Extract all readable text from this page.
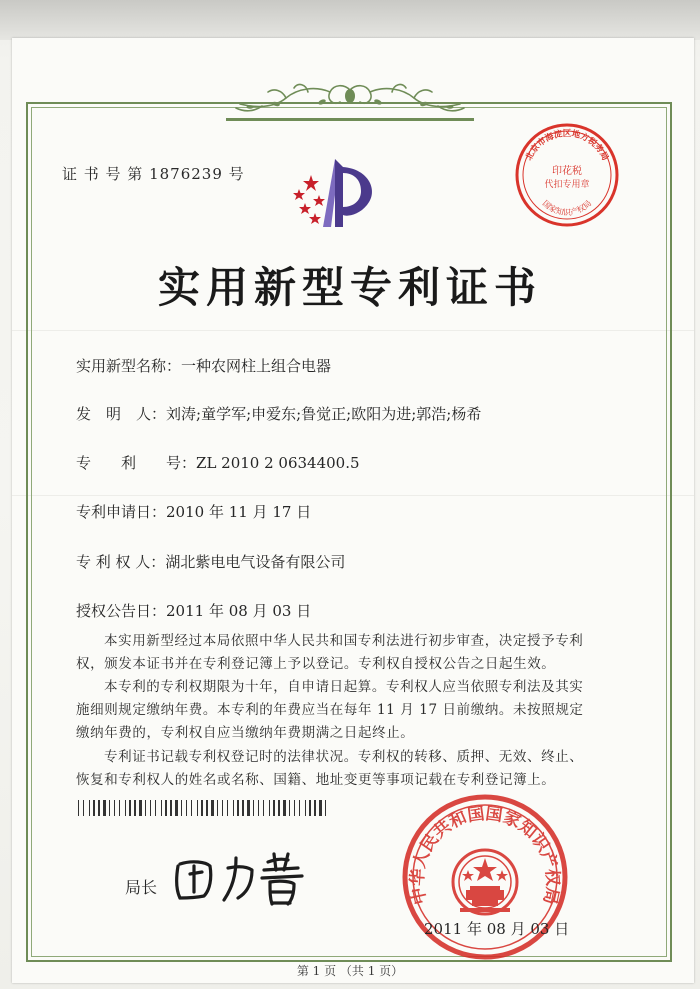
证 书 号 第 1876239 号
北京市海淀区地方税务局
印花税
代扣专用章
国家知识产权局
实用新型专利证书
实用新型名称：一种农网柱上组合电器
发　明　人：刘涛;童学军;申爱东;鲁觉正;欧阳为进;郭浩;杨希
专　　利　　号：ZL 2010 2 0634400.5
专利申请日：2010 年 11 月 17 日
专 利 权 人：湖北紫电电气设备有限公司
授权公告日：2011 年 08 月 03 日
本实用新型经过本局依照中华人民共和国专利法进行初步审查，决定授予专利权，颁发本证书并在专利登记簿上予以登记。专利权自授权公告之日起生效。
本专利的专利权期限为十年，自申请日起算。专利权人应当依照专利法及其实施细则规定缴纳年费。本专利的年费应当在每年 11 月 17 日前缴纳。未按照规定缴纳年费的，专利权自应当缴纳年费期满之日起终止。
专利证书记载专利权登记时的法律状况。专利权的转移、质押、无效、终止、恢复和专利权人的姓名或名称、国籍、地址变更等事项记载在专利登记簿上。
局长	中华人民共和国国家知识产权局
2011 年 08 月 03 日
第 1 页 （共 1 页）
